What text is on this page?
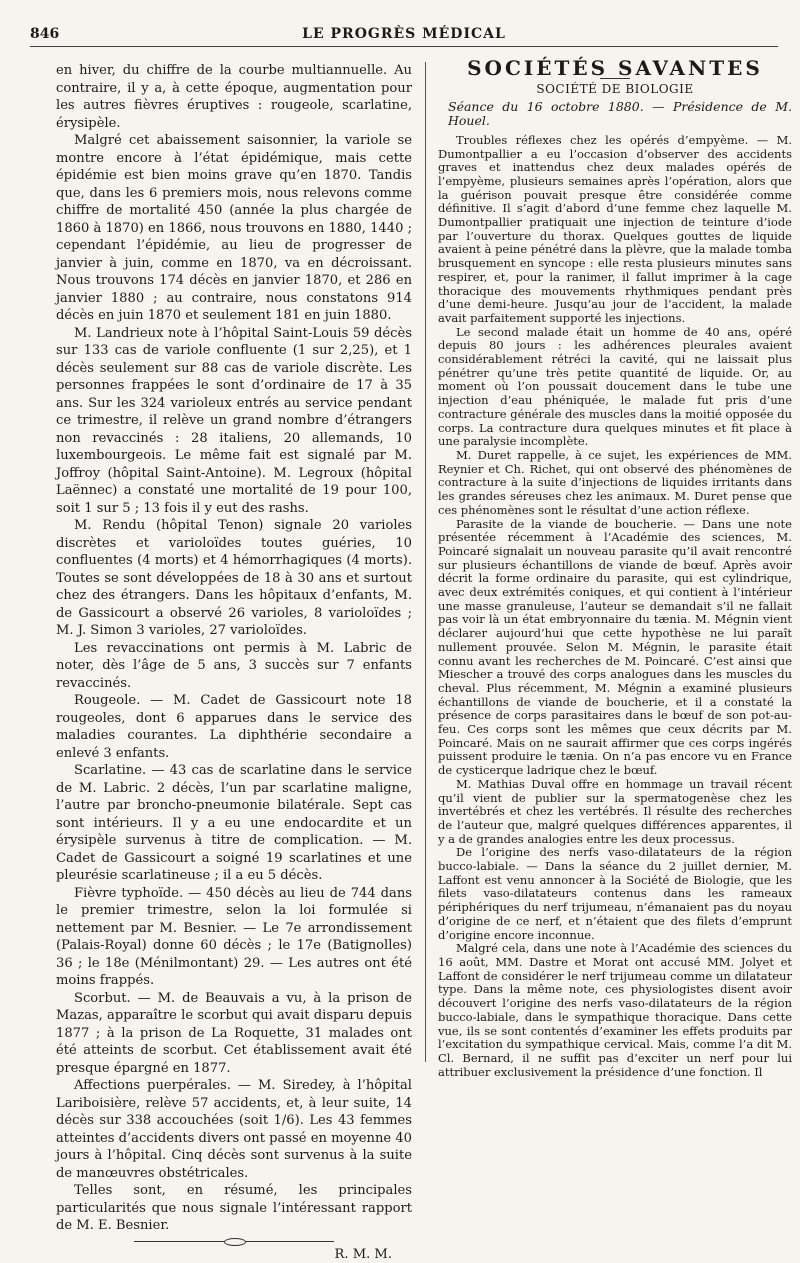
846	LE PROGRÈS MÉDICAL

en hiver, du chiffre de la courbe multiannuelle. Au contraire, il y a, à cette époque, augmentation pour les autres fièvres éruptives : rougeole, scarlatine, érysipèle.

Malgré cet abaissement saisonnier, la variole se montre encore à l’état épidémique, mais cette épidémie est bien moins grave qu’en 1870. Tandis que, dans les 6 premiers mois, nous relevons comme chiffre de mortalité 450 (année la plus chargée de 1860 à 1870) en 1866, nous trouvons en 1880, 1440 ; cependant l’épidémie, au lieu de progresser de janvier à juin, comme en 1870, va en décroissant. Nous trouvons 174 décès en janvier 1870, et 286 en janvier 1880 ; au contraire, nous constatons 914 décès en juin 1870 et seulement 181 en juin 1880.

M. Landrieux note à l’hôpital Saint-Louis 59 décès sur 133 cas de variole confluente (1 sur 2,25), et 1 décès seulement sur 88 cas de variole discrète. Les personnes frappées le sont d’ordinaire de 17 à 35 ans. Sur les 324 varioleux entrés au service pendant ce trimestre, il relève un grand nombre d’étrangers non revaccinés : 28 italiens, 20 allemands, 10 luxembourgeois. Le même fait est signalé par M. Joffroy (hôpital Saint-Antoine). M. Legroux (hôpital Laënnec) a constaté une mortalité de 19 pour 100, soit 1 sur 5 ; 13 fois il y eut des rashs.

M. Rendu (hôpital Tenon) signale 20 varioles discrètes et varioloïdes toutes guéries, 10 confluentes (4 morts) et 4 hémorrhagiques (4 morts). Toutes se sont développées de 18 à 30 ans et surtout chez des étrangers. Dans les hôpitaux d’enfants, M. de Gassicourt a observé 26 varioles, 8 varioloïdes ; M. J. Simon 3 varioles, 27 varioloïdes.

Les revaccinations ont permis à M. Labric de noter, dès l’âge de 5 ans, 3 succès sur 7 enfants revaccinés.

Rougeole. — M. Cadet de Gassicourt note 18 rougeoles, dont 6 apparues dans le service des maladies courantes. La diphthérie secondaire a enlevé 3 enfants.

Scarlatine. — 43 cas de scarlatine dans le service de M. Labric. 2 décès, l’un par scarlatine maligne, l’autre par broncho-pneumonie bilatérale. Sept cas sont intérieurs. Il y a eu une endocardite et un érysipèle survenus à titre de complication. — M. Cadet de Gassicourt a soigné 19 scarlatines et une pleurésie scarlatineuse ; il a eu 5 décès.

Fièvre typhoïde. — 450 décès au lieu de 744 dans le premier trimestre, selon la loi formulée si nettement par M. Besnier. — Le 7e arrondissement (Palais-Royal) donne 60 décès ; le 17e (Batignolles) 36 ; le 18e (Ménilmontant) 29. — Les autres ont été moins frappés.

Scorbut. — M. de Beauvais a vu, à la prison de Mazas, apparaître le scorbut qui avait disparu depuis 1877 ; à la prison de La Roquette, 31 malades ont été atteints de scorbut. Cet établissement avait été presque épargné en 1877.

Affections puerpérales. — M. Siredey, à l’hôpital Lariboisière, relève 57 accidents, et, à leur suite, 14 décès sur 338 accouchées (soit 1/6). Les 43 femmes atteintes d’accidents divers ont passé en moyenne 40 jours à l’hôpital. Cinq décès sont survenus à la suite de manœuvres obstétricales.

Telles sont, en résumé, les principales particularités que nous signale l’intéressant rapport de M. E. Besnier.

R. M. M.
SOCIÉTÉS SAVANTES
SOCIÉTÉ DE BIOLOGIE
Séance du 16 octobre 1880. — Présidence de M. Houel.

Troubles réflexes chez les opérés d’empyème. — M. Dumontpallier a eu l’occasion d’observer des accidents graves et inattendus chez deux malades opérés de l’empyème, plusieurs semaines après l’opération, alors que la guérison pouvait presque être considérée comme définitive. Il s’agit d’abord d’une femme chez laquelle M. Dumontpallier pratiquait une injection de teinture d’iode par l’ouverture du thorax. Quelques gouttes de liquide avaient à peine pénétré dans la plèvre, que la malade tomba brusquement en syncope : elle resta plusieurs minutes sans respirer, et, pour la ranimer, il fallut imprimer à la cage thoracique des mouvements rhythmiques pendant près d’une demi-heure. Jusqu’au jour de l’accident, la malade avait parfaitement supporté les injections.

Le second malade était un homme de 40 ans, opéré depuis 80 jours : les adhérences pleurales avaient considérablement rétréci la cavité, qui ne laissait plus pénétrer qu’une très petite quantité de liquide. Or, au moment où l’on poussait doucement dans le tube une injection d’eau phéniquée, le malade fut pris d’une contracture générale des muscles dans la moitié opposée du corps. La contracture dura quelques minutes et fit place à une paralysie incomplète.

M. Duret rappelle, à ce sujet, les expériences de MM. Reynier et Ch. Richet, qui ont observé des phénomènes de contracture à la suite d’injections de liquides irritants dans les grandes séreuses chez les animaux. M. Duret pense que ces phénomènes sont le résultat d’une action réflexe.

Parasite de la viande de boucherie. — Dans une note présentée récemment à l’Académie des sciences, M. Poincaré signalait un nouveau parasite qu’il avait rencontré sur plusieurs échantillons de viande de bœuf. Après avoir décrit la forme ordinaire du parasite, qui est cylindrique, avec deux extrémités coniques, et qui contient à l’intérieur une masse granuleuse, l’auteur se demandait s’il ne fallait pas voir là un état embryonnaire du tænia. M. Mégnin vient déclarer aujourd’hui que cette hypothèse ne lui paraît nullement prouvée. Selon M. Mégnin, le parasite était connu avant les recherches de M. Poincaré. C’est ainsi que Miescher a trouvé des corps analogues dans les muscles du cheval. Plus récemment, M. Mégnin a examiné plusieurs échantillons de viande de boucherie, et il a constaté la présence de corps parasitaires dans le bœuf de son pot-au-feu. Ces corps sont les mêmes que ceux décrits par M. Poincaré. Mais on ne saurait affirmer que ces corps ingérés puissent produire le tænia. On n’a pas encore vu en France de cysticerque ladrique chez le bœuf.

M. Mathias Duval offre en hommage un travail récent qu’il vient de publier sur la spermatogenèse chez les invertébrés et chez les vertébrés. Il résulte des recherches de l’auteur que, malgré quelques différences apparentes, il y a de grandes analogies entre les deux processus.

De l’origine des nerfs vaso-dilatateurs de la région bucco-labiale. — Dans la séance du 2 juillet dernier, M. Laffont est venu annoncer à la Société de Biologie, que les filets vaso-dilatateurs contenus dans les rameaux périphériques du nerf trijumeau, n’émanaient pas du noyau d’origine de ce nerf, et n’étaient que des filets d’emprunt d’origine encore inconnue.

Malgré cela, dans une note à l’Académie des sciences du 16 août, MM. Dastre et Morat ont accusé MM. Jolyet et Laffont de considérer le nerf trijumeau comme un dilatateur type. Dans la même note, ces physiologistes disent avoir découvert l’origine des nerfs vaso-dilatateurs de la région bucco-labiale, dans le sympathique thoracique. Dans cette vue, ils se sont contentés d’examiner les effets produits par l’excitation du sympathique cervical. Mais, comme l’a dit M. Cl. Bernard, il ne suffit pas d’exciter un nerf pour lui attribuer exclusivement la présidence d’une fonction. Il
